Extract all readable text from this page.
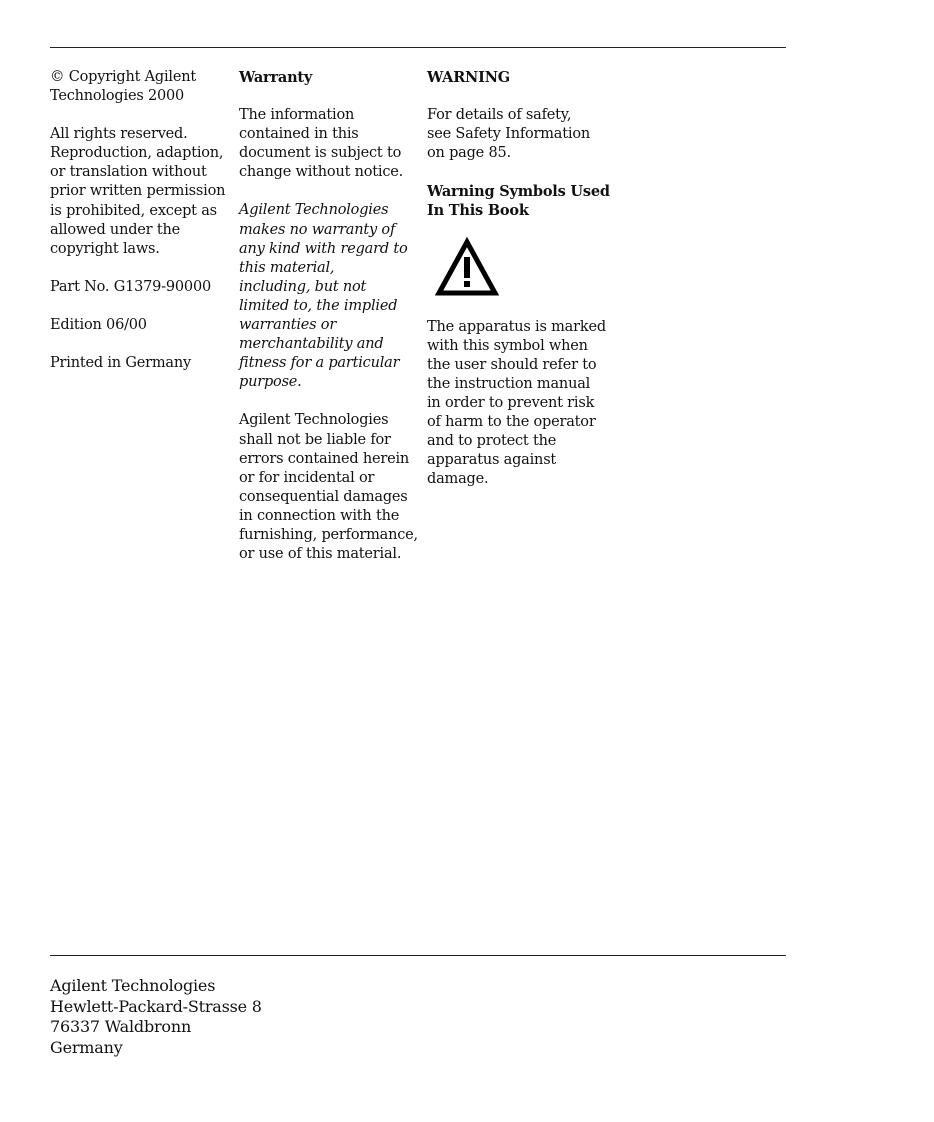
© Copyright Agilent
Technologies 2000

All rights reserved.
Reproduction, adaption,
or translation without
prior written permission
is prohibited, except as
allowed under the
copyright laws.

Part No. G1379-90000

Edition 06/00

Printed in Germany

Warranty

The information
contained in this
document is subject to
change without notice.

Agilent Technologies
makes no warranty of
any kind with regard to
this material,
including, but not
limited to, the implied
warranties or
merchantability and
fitness for a particular
purpose.

Agilent Technologies
shall not be liable for
errors contained herein
or for incidental or
consequential damages
in connection with the
furnishing, performance,
or use of this material.

WARNING

For details of safety,
see Safety Information
on page 85.

Warning Symbols Used
In This Book

The apparatus is marked
with this symbol when
the user should refer to
the instruction manual
in order to prevent risk
of harm to the operator
and to protect the
apparatus against
damage.

Agilent Technologies
Hewlett-Packard-Strasse 8
76337 Waldbronn
Germany
